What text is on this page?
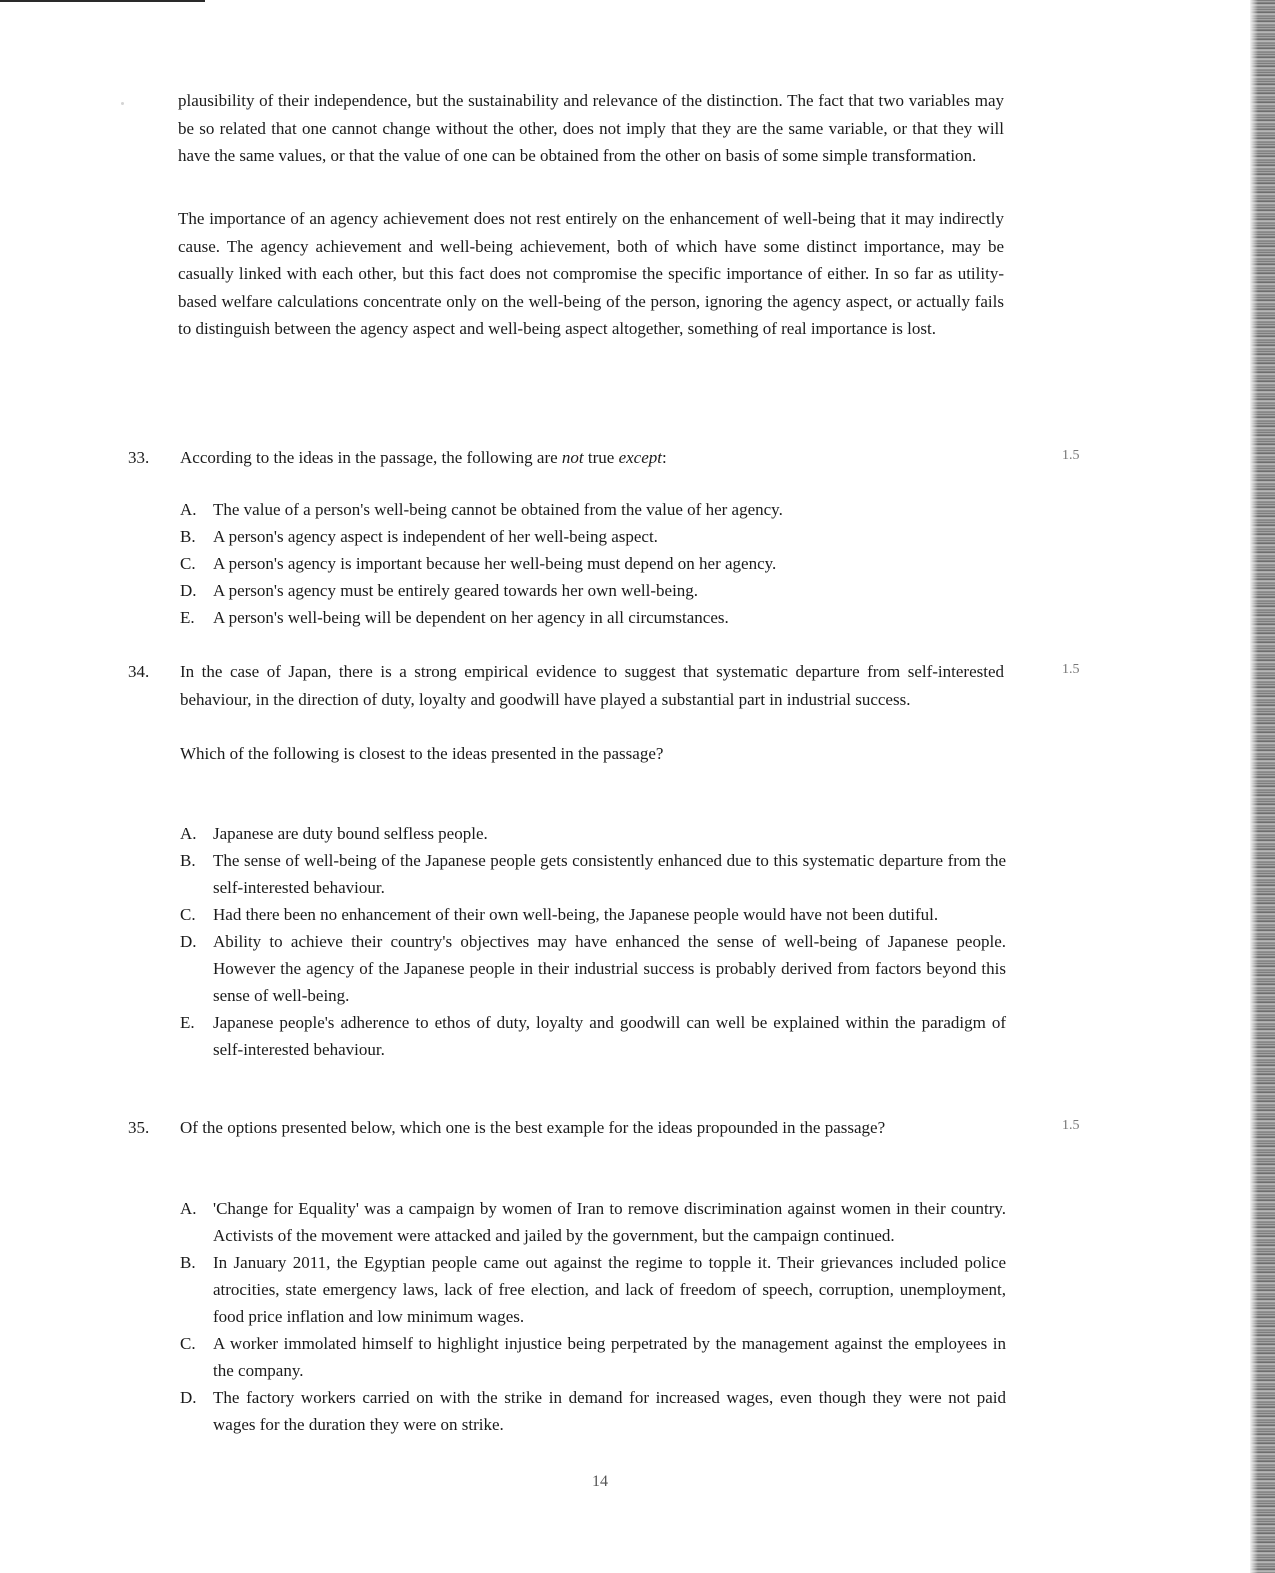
plausibility of their independence, but the sustainability and relevance of the distinction. The fact that two variables may be so related that one cannot change without the other, does not imply that they are the same variable, or that they will have the same values, or that the value of one can be obtained from the other on basis of some simple transformation.

The importance of an agency achievement does not rest entirely on the enhancement of well-being that it may indirectly cause. The agency achievement and well-being achievement, both of which have some distinct importance, may be casually linked with each other, but this fact does not compromise the specific importance of either. In so far as utility-based welfare calculations concentrate only on the well-being of the person, ignoring the agency aspect, or actually fails to distinguish between the agency aspect and well-being aspect altogether, something of real importance is lost.

33. According to the ideas in the passage, the following are not true except:	1.5
A. The value of a person's well-being cannot be obtained from the value of her agency.
B. A person's agency aspect is independent of her well-being aspect.
C. A person's agency is important because her well-being must depend on her agency.
D. A person's agency must be entirely geared towards her own well-being.
E. A person's well-being will be dependent on her agency in all circumstances.
34. In the case of Japan, there is a strong empirical evidence to suggest that systematic departure from self-interested behaviour, in the direction of duty, loyalty and goodwill have played a substantial part in industrial success.

1.5

Which of the following is closest to the ideas presented in the passage?

A. Japanese are duty bound selfless people.
B. The sense of well-being of the Japanese people gets consistently enhanced due to this systematic departure from the self-interested behaviour.
C. Had there been no enhancement of their own well-being, the Japanese people would have not been dutiful.
D. Ability to achieve their country's objectives may have enhanced the sense of well-being of Japanese people. However the agency of the Japanese people in their industrial success is probably derived from factors beyond this sense of well-being.
E. Japanese people's adherence to ethos of duty, loyalty and goodwill can well be explained within the paradigm of self-interested behaviour.
35. Of the options presented below, which one is the best example for the ideas propounded in the passage?	1.5
A. 'Change for Equality' was a campaign by women of Iran to remove discrimination against women in their country. Activists of the movement were attacked and jailed by the government, but the campaign continued.
B. In January 2011, the Egyptian people came out against the regime to topple it. Their grievances included police atrocities, state emergency laws, lack of free election, and lack of freedom of speech, corruption, unemployment, food price inflation and low minimum wages.
C. A worker immolated himself to highlight injustice being perpetrated by the management against the employees in the company.
D. The factory workers carried on with the strike in demand for increased wages, even though they were not paid wages for the duration they were on strike.
14
